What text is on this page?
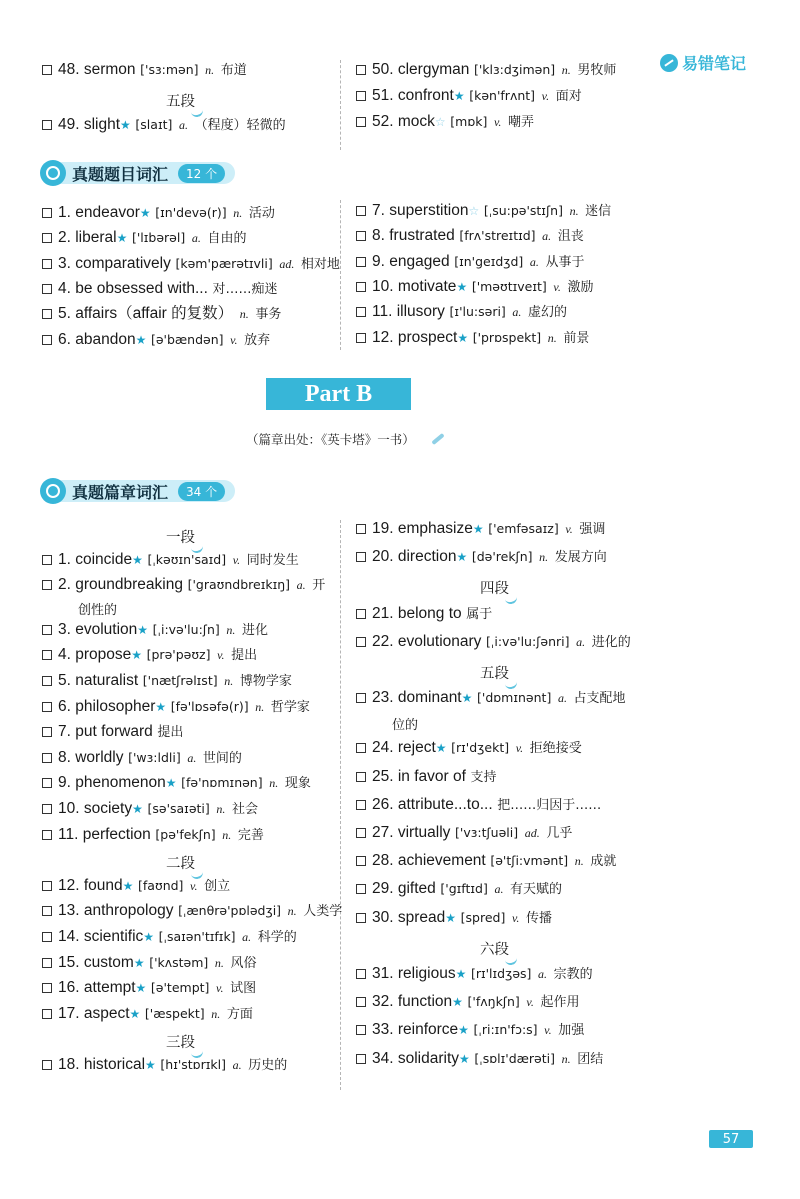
易错笔记
真题题目词汇	12 个
Part B
（篇章出处：《英卡塔》一书）
真题篇章词汇	34 个
57
48. sermon ['sɜ:mən] n. 布道
五段
49. slight★ [slaɪt] a. （程度）轻微的
50. clergyman ['klɜ:dʒimən] n. 男牧师
51. confront★ [kən'frʌnt] v. 面对
52. mock☆ [mɒk] v. 嘲弄
1. endeavor★ [ɪn'devə(r)] n. 活动
2. liberal★ ['lɪbərəl] a. 自由的
3. comparatively [kəm'pærətɪvli] ad. 相对地
4. be obsessed with... 对……痴迷
5. affairs（affair 的复数） n. 事务
6. abandon★ [ə'bændən] v. 放弃
7. superstition☆ [ˌsu:pə'stɪʃn] n. 迷信
8. frustrated [frʌ'streɪtɪd] a. 沮丧
9. engaged [ɪn'geɪdʒd] a. 从事于
10. motivate★ ['məʊtɪveɪt] v. 激励
11. illusory [ɪ'lu:səri] a. 虚幻的
12. prospect★ ['prɒspekt] n. 前景
一段
1. coincide★ [ˌkəʊɪn'saɪd] v. 同时发生
2. groundbreaking ['graʊndbreɪkɪŋ] a. 开
创性的
3. evolution★ [ˌi:və'lu:ʃn] n. 进化
4. propose★ [prə'pəʊz] v. 提出
5. naturalist ['nætʃrəlɪst] n. 博物学家
6. philosopher★ [fə'lɒsəfə(r)] n. 哲学家
7. put forward 提出
8. worldly ['wɜ:ldli] a. 世间的
9. phenomenon★ [fə'nɒmɪnən] n. 现象
10. society★ [sə'saɪəti] n. 社会
11. perfection [pə'fekʃn] n. 完善
二段
12. found★ [faʊnd] v. 创立
13. anthropology [ˌænθrə'pɒlədʒi] n. 人类学
14. scientific★ [ˌsaɪən'tɪfɪk] a. 科学的
15. custom★ ['kʌstəm] n. 风俗
16. attempt★ [ə'tempt] v. 试图
17. aspect★ ['æspekt] n. 方面
三段
18. historical★ [hɪ'stɒrɪkl] a. 历史的
19. emphasize★ ['emfəsaɪz] v. 强调
20. direction★ [də'rekʃn] n. 发展方向
四段
21. belong to 属于
22. evolutionary [ˌi:və'lu:ʃənri] a. 进化的
五段
23. dominant★ ['dɒmɪnənt] a. 占支配地
位的
24. reject★ [rɪ'dʒekt] v. 拒绝接受
25. in favor of 支持
26. attribute...to... 把……归因于……
27. virtually ['vɜ:tʃuəli] ad. 几乎
28. achievement [ə'tʃi:vmənt] n. 成就
29. gifted ['gɪftɪd] a. 有天赋的
30. spread★ [spred] v. 传播
六段
31. religious★ [rɪ'lɪdʒəs] a. 宗教的
32. function★ ['fʌŋkʃn] v. 起作用
33. reinforce★ [ˌri:ɪn'fɔ:s] v. 加强
34. solidarity★ [ˌsɒlɪ'dærəti] n. 团结
